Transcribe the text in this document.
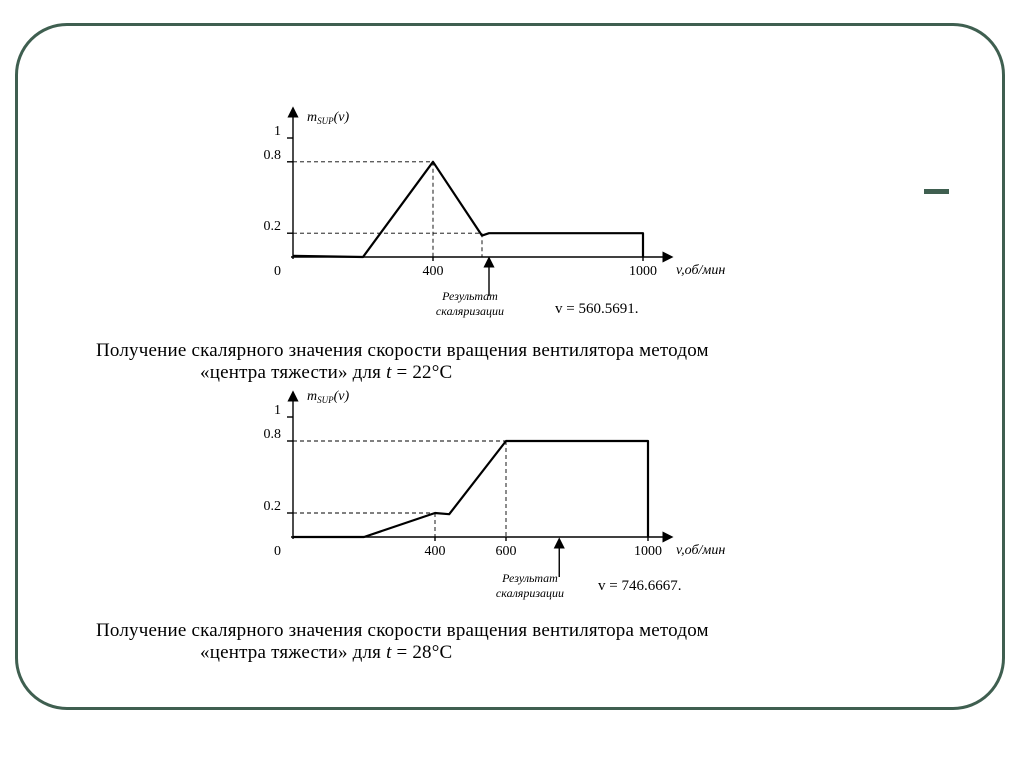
1
0.8
0.2
0	400	1000 v,об/мин
$m_{SUP}(v)$
Результат
скаляризации	v = 560.5691.
1
0.8
0.2
0	400	600	1000 v,об/мин
$m_{SUP}(v)$
Результат
скаляризации v = 746.6667.
Получение скалярного значения скорости вращения вентилятора методом
«центра тяжести» для t = 22°С
Получение скалярного значения скорости вращения вентилятора методом
«центра тяжести» для t = 28°С
